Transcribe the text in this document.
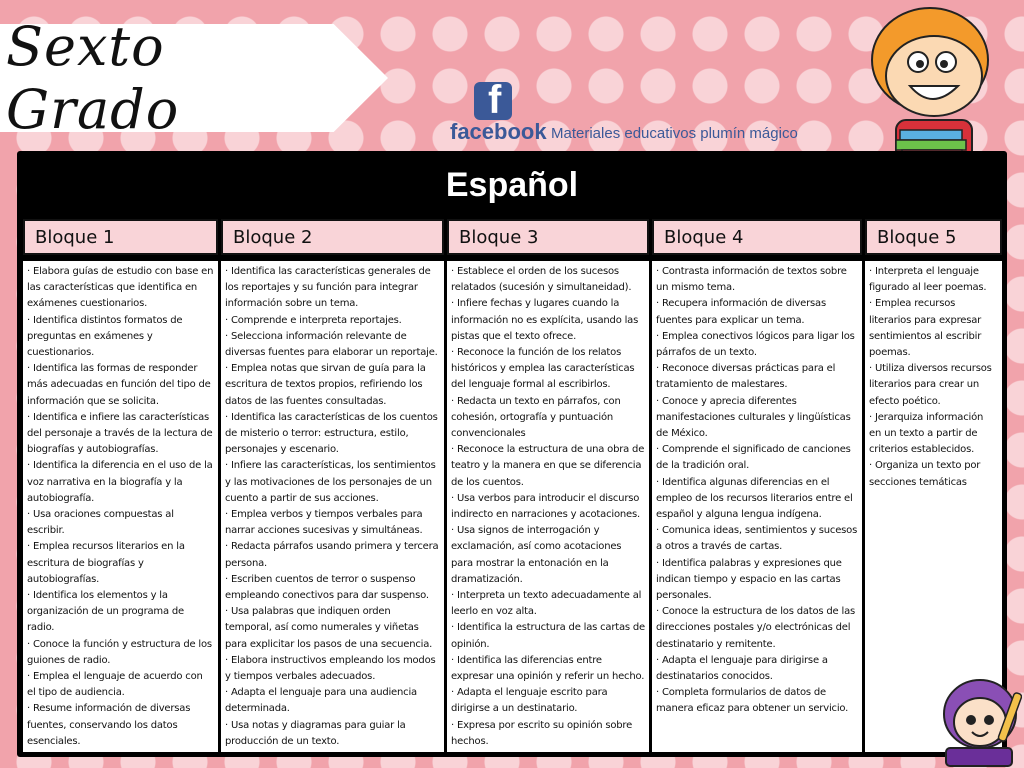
Sexto Grado	f
facebook Materiales educativos plumín mágico
Español
Bloque 1
· Elabora guías de estudio con base en las características que identifica en exámenes cuestionarios.
· Identifica distintos formatos de preguntas en exámenes y cuestionarios.
· Identifica las formas de responder más adecuadas en función del tipo de información que se solicita.
· Identifica e infiere las características del personaje a través de la lectura de biografías y autobiografías.
· Identifica la diferencia en el uso de la voz narrativa en la biografía y la autobiografía.
· Usa oraciones compuestas al escribir.
· Emplea recursos literarios en la escritura de biografías y autobiografías.
· Identifica los elementos y la organización de un programa de radio.
· Conoce la función y estructura de los guiones de radio.
· Emplea el lenguaje de acuerdo con el tipo de audiencia.
· Resume información de diversas fuentes, conservando los datos esenciales.
Bloque 2
· Identifica las características generales de los reportajes y su función para integrar información sobre un tema.
· Comprende e interpreta reportajes.
· Selecciona información relevante de diversas fuentes para elaborar un reportaje.
· Emplea notas que sirvan de guía para la escritura de textos propios, refiriendo los datos de las fuentes consultadas.
· Identifica las características de los cuentos de misterio o terror: estructura, estilo, personajes y escenario.
· Infiere las características, los sentimientos y las motivaciones de los personajes de un cuento a partir de sus acciones.
· Emplea verbos y tiempos verbales para narrar acciones sucesivas y simultáneas.
· Redacta párrafos usando primera y tercera persona.
· Escriben cuentos de terror o suspenso empleando conectivos para dar suspenso.
· Usa palabras que indiquen orden temporal, así como numerales y viñetas para explicitar los pasos de una secuencia.
· Elabora instructivos empleando los modos y tiempos verbales adecuados.
· Adapta el lenguaje para una audiencia determinada.
· Usa notas y diagramas para guiar la producción de un texto.
Bloque 3
· Establece el orden de los sucesos relatados (sucesión y simultaneidad).
· Infiere fechas y lugares cuando la información no es explícita, usando las pistas que el texto ofrece.
· Reconoce la función de los relatos históricos y emplea las características del lenguaje formal al escribirlos.
· Redacta un texto en párrafos, con cohesión, ortografía y puntuación convencionales
· Reconoce la estructura de una obra de teatro y la manera en que se diferencia de los cuentos.
· Usa verbos para introducir el discurso indirecto en narraciones y acotaciones.
· Usa signos de interrogación y exclamación, así como acotaciones para mostrar la entonación en la dramatización.
· Interpreta un texto adecuadamente al leerlo en voz alta.
· Identifica la estructura de las cartas de opinión.
· Identifica las diferencias entre expresar una opinión y referir un hecho.
· Adapta el lenguaje escrito para dirigirse a un destinatario.
· Expresa por escrito su opinión sobre hechos.
Bloque 4
· Contrasta información de textos sobre un mismo tema.
· Recupera información de diversas fuentes para explicar un tema.
· Emplea conectivos lógicos para ligar los párrafos de un texto.
· Reconoce diversas prácticas para el tratamiento de malestares.
· Conoce y aprecia diferentes manifestaciones culturales y lingüísticas de México.
· Comprende el significado de canciones de la tradición oral.
· Identifica algunas diferencias en el empleo de los recursos literarios entre el español y alguna lengua indígena.
· Comunica ideas, sentimientos y sucesos a otros a través de cartas.
· Identifica palabras y expresiones que indican tiempo y espacio en las cartas personales.
· Conoce la estructura de los datos de las direcciones postales y/o electrónicas del destinatario y remitente.
· Adapta el lenguaje para dirigirse a destinatarios conocidos.
· Completa formularios de datos de manera eficaz para obtener un servicio.
Bloque 5
· Interpreta el lenguaje figurado al leer poemas.
· Emplea recursos literarios para expresar sentimientos al escribir poemas.
· Utiliza diversos recursos literarios para crear un efecto poético.
· Jerarquiza información en un texto a partir de criterios establecidos.
· Organiza un texto por secciones temáticas
